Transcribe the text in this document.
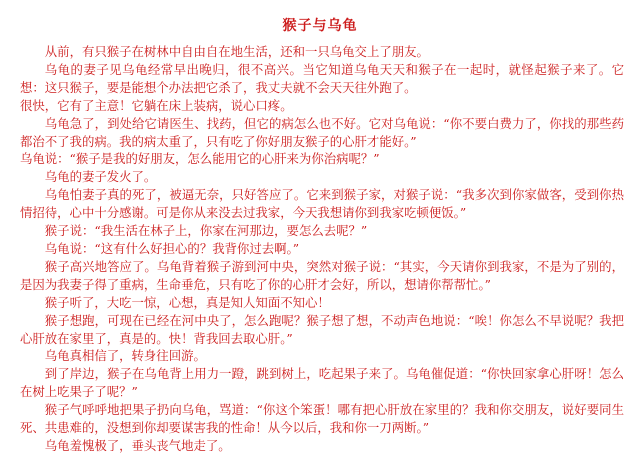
猴子与乌龟

从前，有只猴子在树林中自由自在地生活，还和一只乌龟交上了朋友。

乌龟的妻子见乌龟经常早出晚归，很不高兴。当它知道乌龟天天和猴子在一起时，就怪起猴子来了。它想：这只猴子，要是能想个办法把它杀了，我丈夫就不会天天往外跑了。

很快，它有了主意！它躺在床上装病，说心口疼。

乌龟急了，到处给它请医生、找药，但它的病怎么也不好。它对乌龟说：“你不要白费力了，你找的那些药都治不了我的病。我的病太重了，只有吃了你好朋友猴子的心肝才能好。”

乌龟说：“猴子是我的好朋友，怎么能用它的心肝来为你治病呢？”

乌龟的妻子发火了。

乌龟怕妻子真的死了，被逼无奈，只好答应了。它来到猴子家，对猴子说：“我多次到你家做客，受到你热情招待，心中十分感谢。可是你从来没去过我家，今天我想请你到我家吃顿便饭。”

猴子说：“我生活在林子上，你家在河那边，要怎么去呢？”

乌龟说：“这有什么好担心的？我背你过去啊。”

猴子高兴地答应了。乌龟背着猴子游到河中央，突然对猴子说：“其实，今天请你到我家，不是为了别的，是因为我妻子得了重病，生命垂危，只有吃了你的心肝才会好，所以，想请你帮帮忙。”

猴子听了，大吃一惊，心想，真是知人知面不知心！

猴子想跑，可现在已经在河中央了，怎么跑呢？猴子想了想，不动声色地说：“唉！你怎么不早说呢？我把心肝放在家里了，真是的。快！背我回去取心肝。”

乌龟真相信了，转身往回游。

到了岸边，猴子在乌龟背上用力一蹬，跳到树上，吃起果子来了。乌龟催促道：“你快回家拿心肝呀！怎么在树上吃果子了呢？”

猴子气呼呼地把果子扔向乌龟，骂道：“你这个笨蛋！哪有把心肝放在家里的？我和你交朋友，说好要同生死、共患难的，没想到你却要谋害我的性命！从今以后，我和你一刀两断。”

乌龟羞愧极了，垂头丧气地走了。
